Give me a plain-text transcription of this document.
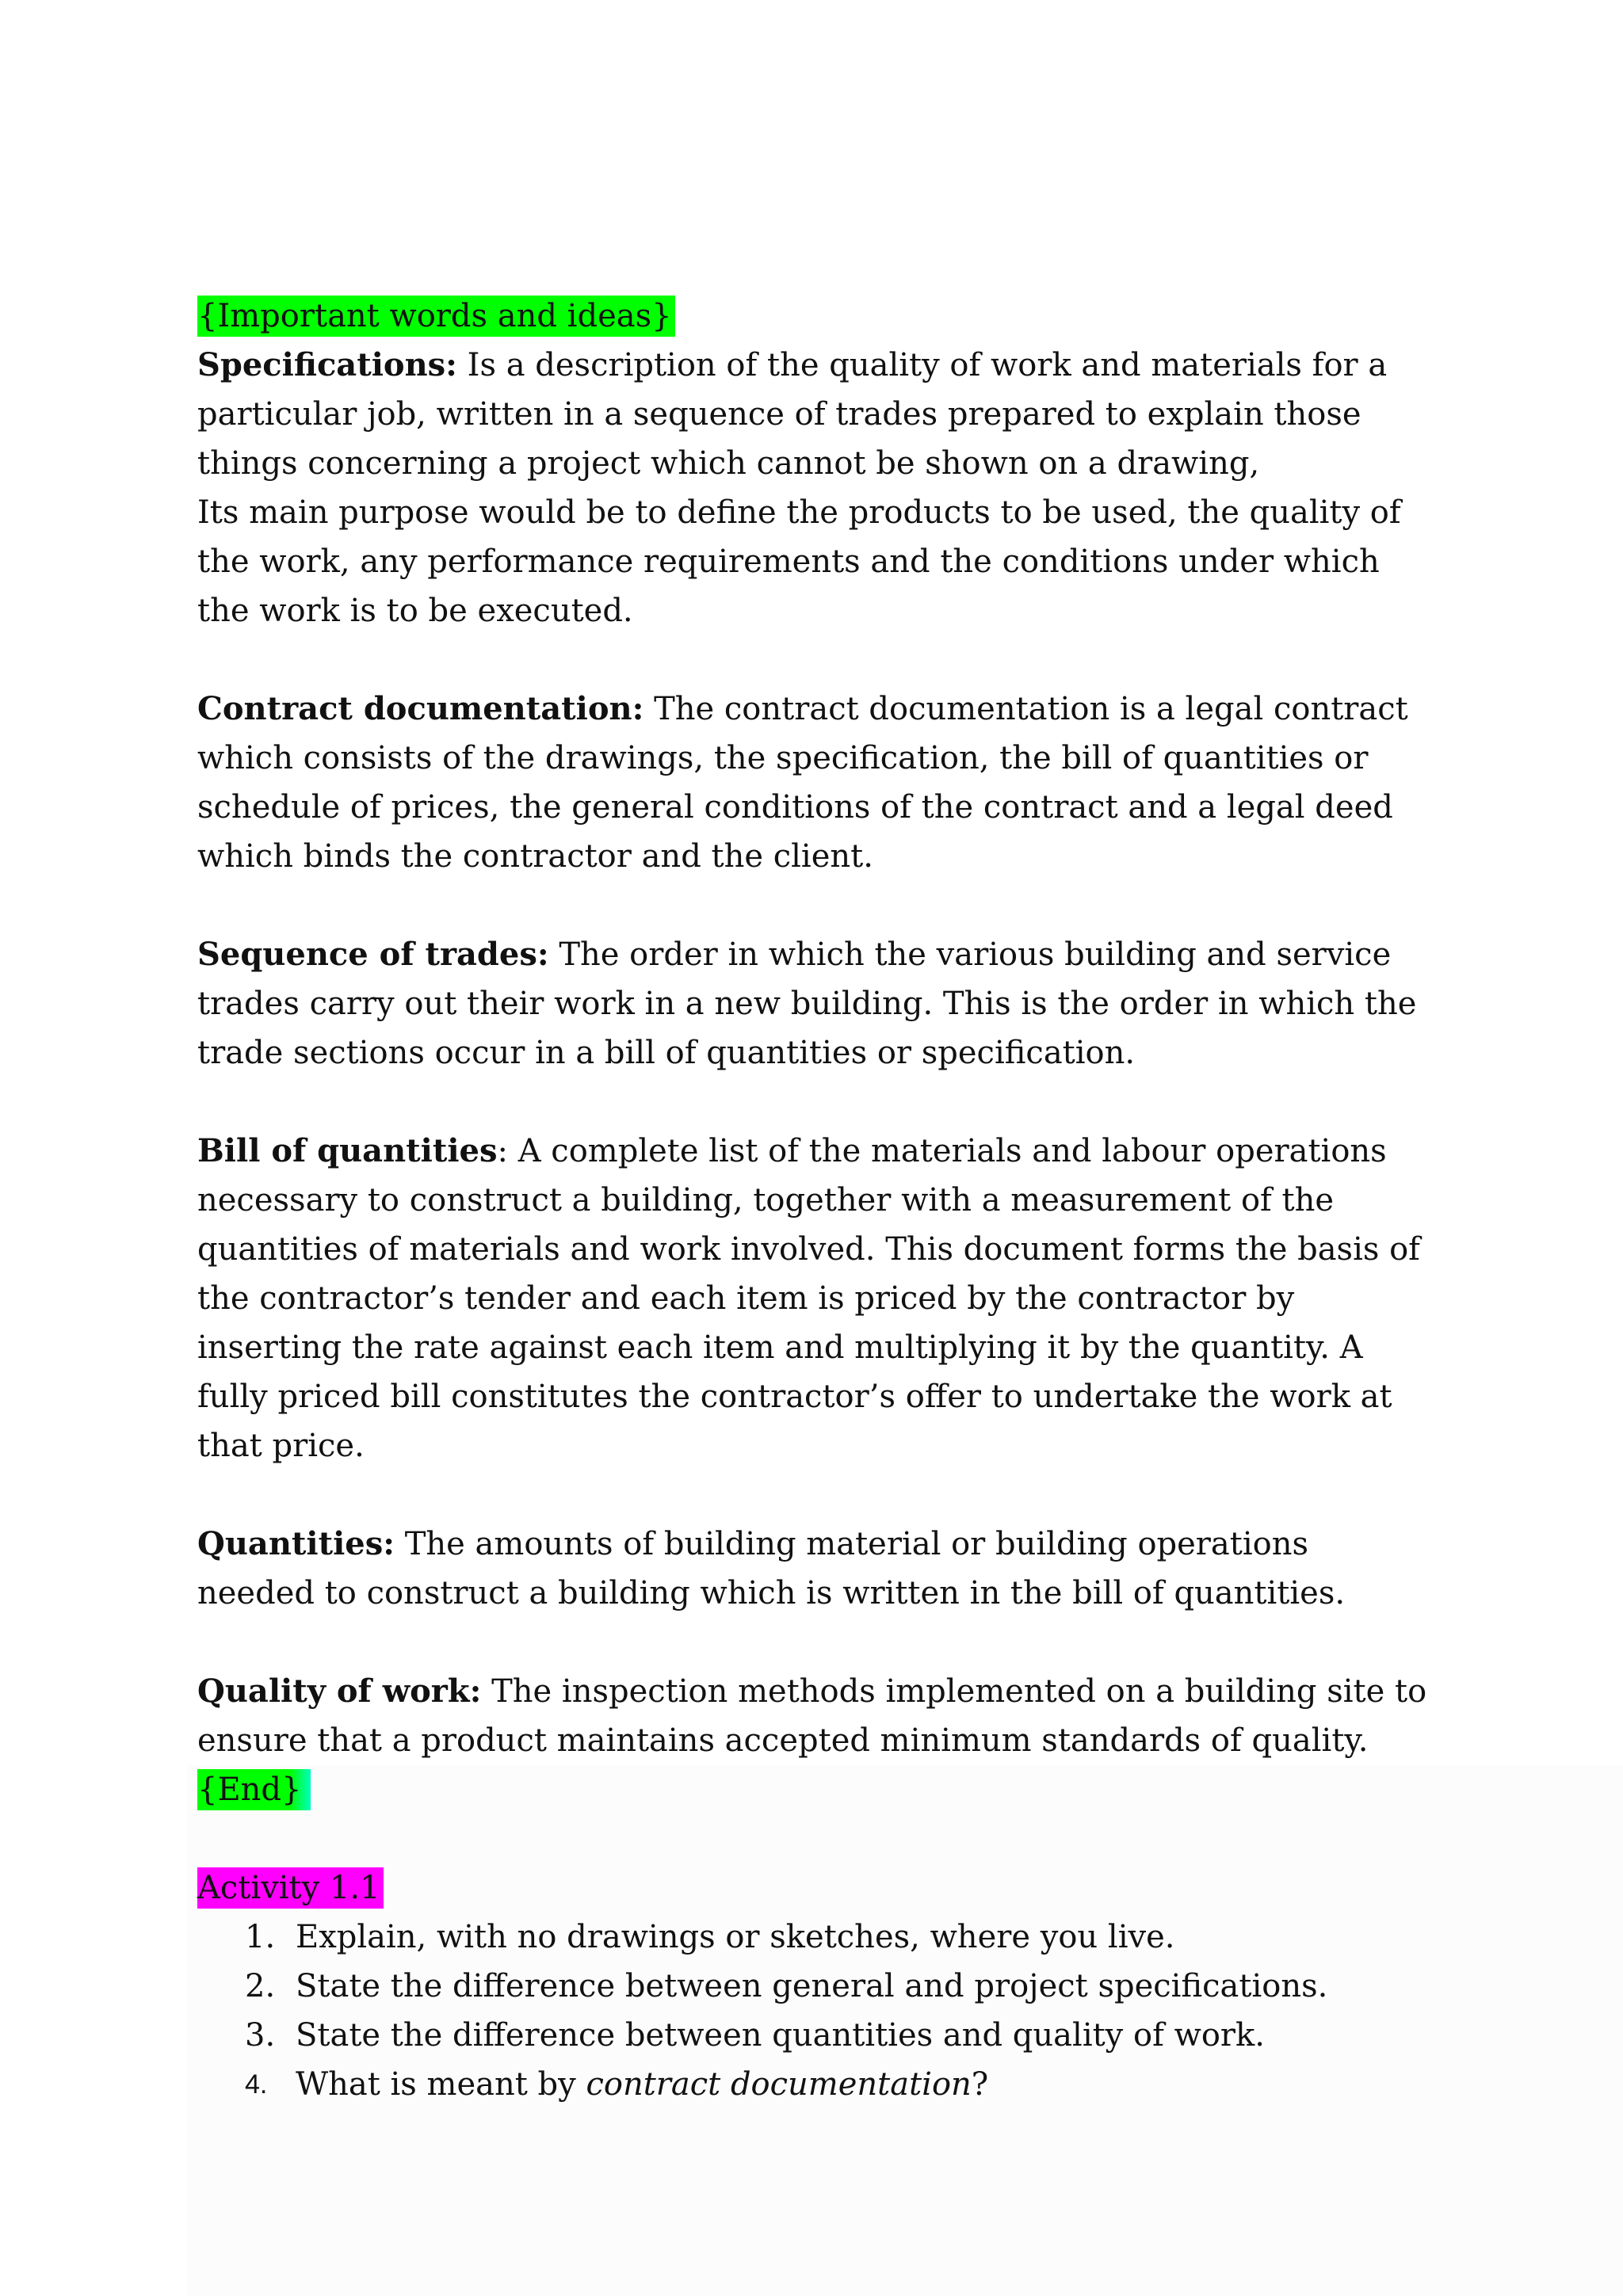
{Important words and ideas}

Specifications: Is a description of the quality of work and materials for a particular job, written in a sequence of trades prepared to explain those things concerning a project which cannot be shown on a drawing,

Its main purpose would be to define the products to be used, the quality of the work, any performance requirements and the conditions under which the work is to be executed.

Contract documentation: The contract documentation is a legal contract which consists of the drawings, the specification, the bill of quantities or schedule of prices, the general conditions of the contract and a legal deed which binds the contractor and the client.

Sequence of trades: The order in which the various building and service trades carry out their work in a new building. This is the order in which the trade sections occur in a bill of quantities or specification.

Bill of quantities: A complete list of the materials and labour operations necessary to construct a building, together with a measurement of the quantities of materials and work involved. This document forms the basis of the contractor’s tender and each item is priced by the contractor by inserting the rate against each item and multiplying it by the quantity. A fully priced bill constitutes the contractor’s offer to undertake the work at that price.

Quantities: The amounts of building material or building operations needed to construct a building which is written in the bill of quantities.

Quality of work: The inspection methods implemented on a building site to ensure that a product maintains accepted minimum standards of quality.

{End}

Activity 1.1

1. Explain, with no drawings or sketches, where you live.
2. State the difference between general and project specifications.
3. State the difference between quantities and quality of work.
4. What is meant by contract documentation?
